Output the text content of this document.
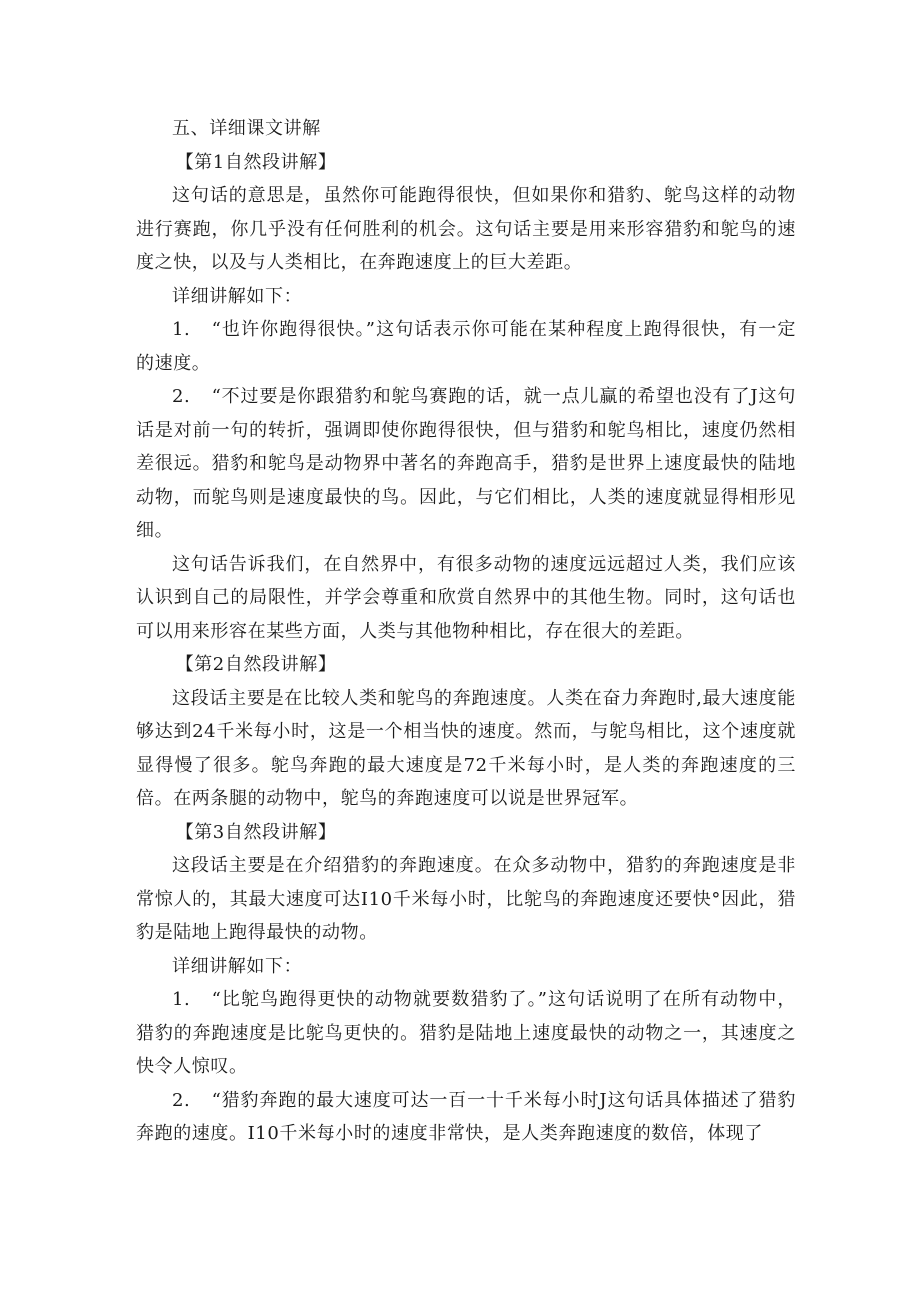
五、详细课文讲解

【第1自然段讲解】

这句话的意思是，虽然你可能跑得很快，但如果你和猎豹、鸵鸟这样的动物进行赛跑，你几乎没有任何胜利的机会。这句话主要是用来形容猎豹和鸵鸟的速度之快，以及与人类相比，在奔跑速度上的巨大差距。

详细讲解如下：

1. “也许你跑得很快。”这句话表示你可能在某种程度上跑得很快，有一定的速度。

2. “不过要是你跟猎豹和鸵鸟赛跑的话，就一点儿赢的希望也没有了J这句话是对前一句的转折，强调即使你跑得很快，但与猎豹和鸵鸟相比，速度仍然相差很远。猎豹和鸵鸟是动物界中著名的奔跑高手，猎豹是世界上速度最快的陆地动物，而鸵鸟则是速度最快的鸟。因此，与它们相比，人类的速度就显得相形见细。

这句话告诉我们，在自然界中，有很多动物的速度远远超过人类，我们应该认识到自己的局限性，并学会尊重和欣赏自然界中的其他生物。同时，这句话也可以用来形容在某些方面，人类与其他物种相比，存在很大的差距。

【第2自然段讲解】

这段话主要是在比较人类和鸵鸟的奔跑速度。人类在奋力奔跑时,最大速度能够达到24千米每小时，这是一个相当快的速度。然而，与鸵鸟相比，这个速度就显得慢了很多。鸵鸟奔跑的最大速度是72千米每小时，是人类的奔跑速度的三倍。在两条腿的动物中，鸵鸟的奔跑速度可以说是世界冠军。

【第3自然段讲解】

这段话主要是在介绍猎豹的奔跑速度。在众多动物中，猎豹的奔跑速度是非常惊人的，其最大速度可达I10千米每小时，比鸵鸟的奔跑速度还要快°因此，猎豹是陆地上跑得最快的动物。

详细讲解如下：

1. “比鸵鸟跑得更快的动物就要数猎豹了。”这句话说明了在所有动物中，猎豹的奔跑速度是比鸵鸟更快的。猎豹是陆地上速度最快的动物之一，其速度之快令人惊叹。

2. “猎豹奔跑的最大速度可达一百一十千米每小时J这句话具体描述了猎豹奔跑的速度。I10千米每小时的速度非常快，是人类奔跑速度的数倍，体现了
